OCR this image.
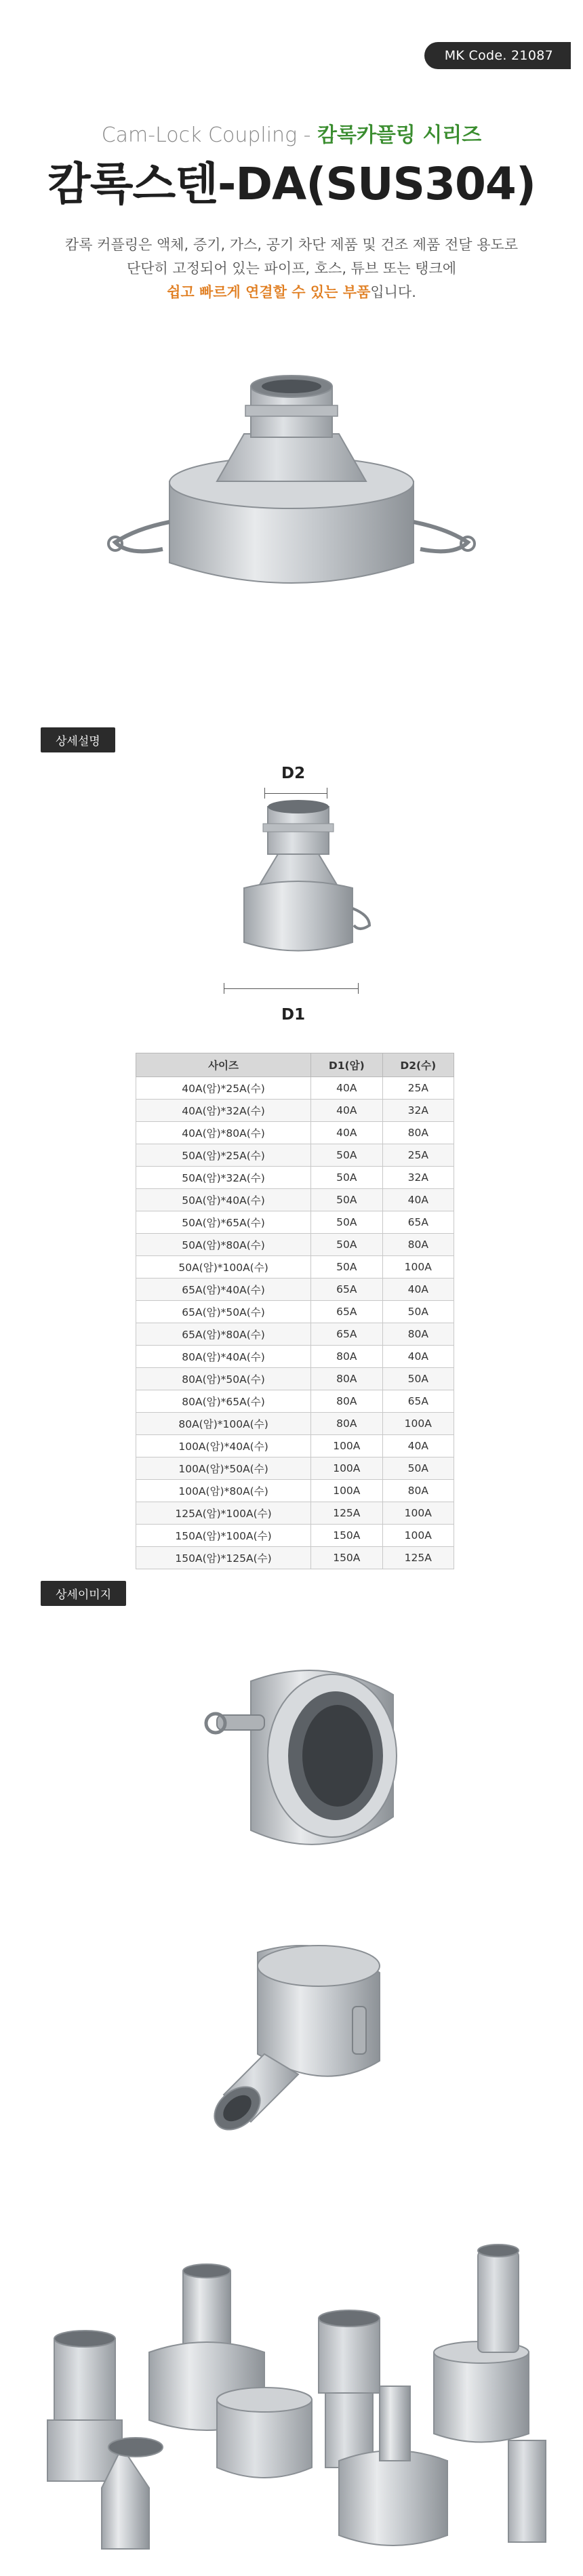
MK Code. 21087
Cam-Lock Coupling - 캄록카플링 시리즈
캄록스텐-DA(SUS304)
캄록 커플링은 액체, 증기, 가스, 공기 차단 제품 및 건조 제품 전달 용도로
단단히 고정되어 있는 파이프, 호스, 튜브 또는 탱크에
쉽고 빠르게 연결할 수 있는 부품입니다.
상세설명
D2
D1
사이즈	D1(암)	D2(수)
40A(암)*25A(수)	40A	25A
40A(암)*32A(수)	40A	32A
40A(암)*80A(수)	40A	80A
50A(암)*25A(수)	50A	25A
50A(암)*32A(수)	50A	32A
50A(암)*40A(수)	50A	40A
50A(암)*65A(수)	50A	65A
50A(암)*80A(수)	50A	80A
50A(암)*100A(수)	50A	100A
65A(암)*40A(수)	65A	40A
65A(암)*50A(수)	65A	50A
65A(암)*80A(수)	65A	80A
80A(암)*40A(수)	80A	40A
80A(암)*50A(수)	80A	50A
80A(암)*65A(수)	80A	65A
80A(암)*100A(수)	80A	100A
100A(암)*40A(수)	100A	40A
100A(암)*50A(수)	100A	50A
100A(암)*80A(수)	100A	80A
125A(암)*100A(수)	125A	100A
150A(암)*100A(수)	150A	100A
150A(암)*125A(수)	150A	125A
상세이미지
